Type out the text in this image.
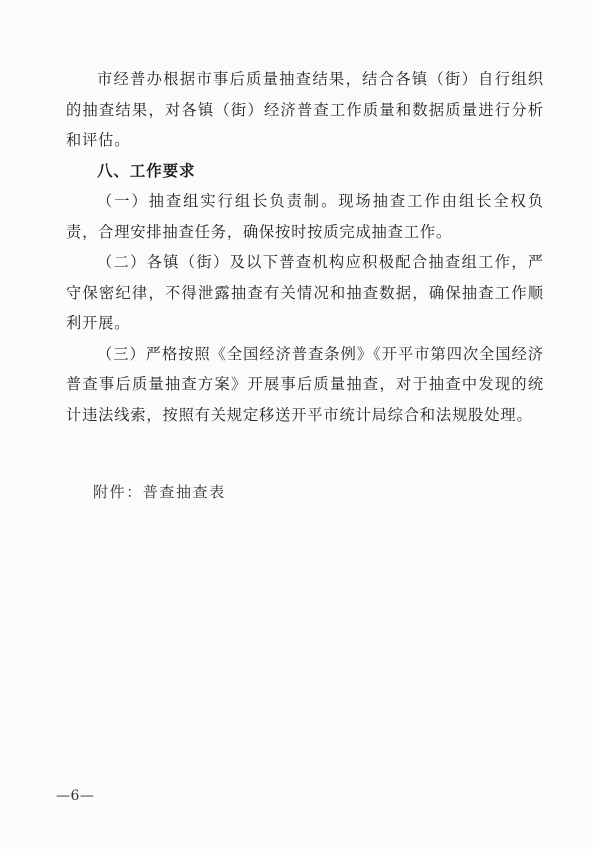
市经普办根据市事后质量抽查结果，结合各镇（街）自行组织的抽查结果，对各镇（街）经济普查工作质量和数据质量进行分析和评估。

八、工作要求

（一）抽查组实行组长负责制。现场抽查工作由组长全权负责，合理安排抽查任务，确保按时按质完成抽查工作。

（二）各镇（街）及以下普查机构应积极配合抽查组工作，严守保密纪律，不得泄露抽查有关情况和抽查数据，确保抽查工作顺利开展。

（三）严格按照《全国经济普查条例》《开平市第四次全国经济普查事后质量抽查方案》开展事后质量抽查，对于抽查中发现的统计违法线索，按照有关规定移送开平市统计局综合和法规股处理。

附件：普查抽查表

—6—
